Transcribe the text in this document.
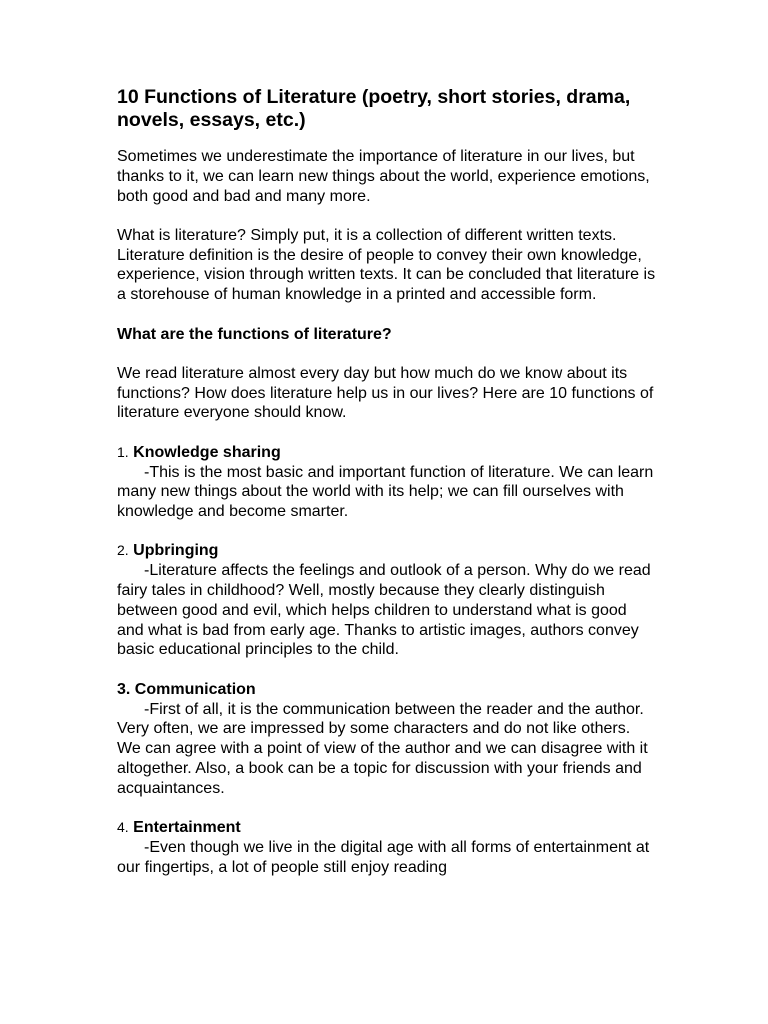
10 Functions of Literature (poetry, short stories, drama, novels, essays, etc.)

Sometimes we underestimate the importance of literature in our lives, but thanks to it, we can learn new things about the world, experience emotions, both good and bad and many more.

What is literature? Simply put, it is a collection of different written texts. Literature definition is the desire of people to convey their own knowledge, experience, vision through written texts. It can be concluded that literature is a storehouse of human knowledge in a printed and accessible form.

What are the functions of literature?

We read literature almost every day but how much do we know about its functions? How does literature help us in our lives? Here are 10 functions of literature everyone should know.

1. Knowledge sharing

-This is the most basic and important function of literature. We can learn many new things about the world with its help; we can fill ourselves with knowledge and become smarter.

2. Upbringing

-Literature affects the feelings and outlook of a person. Why do we read fairy tales in childhood? Well, mostly because they clearly distinguish between good and evil, which helps children to understand what is good and what is bad from early age. Thanks to artistic images, authors convey basic educational principles to the child.

3. Communication

-First of all, it is the communication between the reader and the author. Very often, we are impressed by some characters and do not like others. We can agree with a point of view of the author and we can disagree with it altogether. Also, a book can be a topic for discussion with your friends and acquaintances.

4. Entertainment

-Even though we live in the digital age with all forms of entertainment at our fingertips, a lot of people still enjoy reading
